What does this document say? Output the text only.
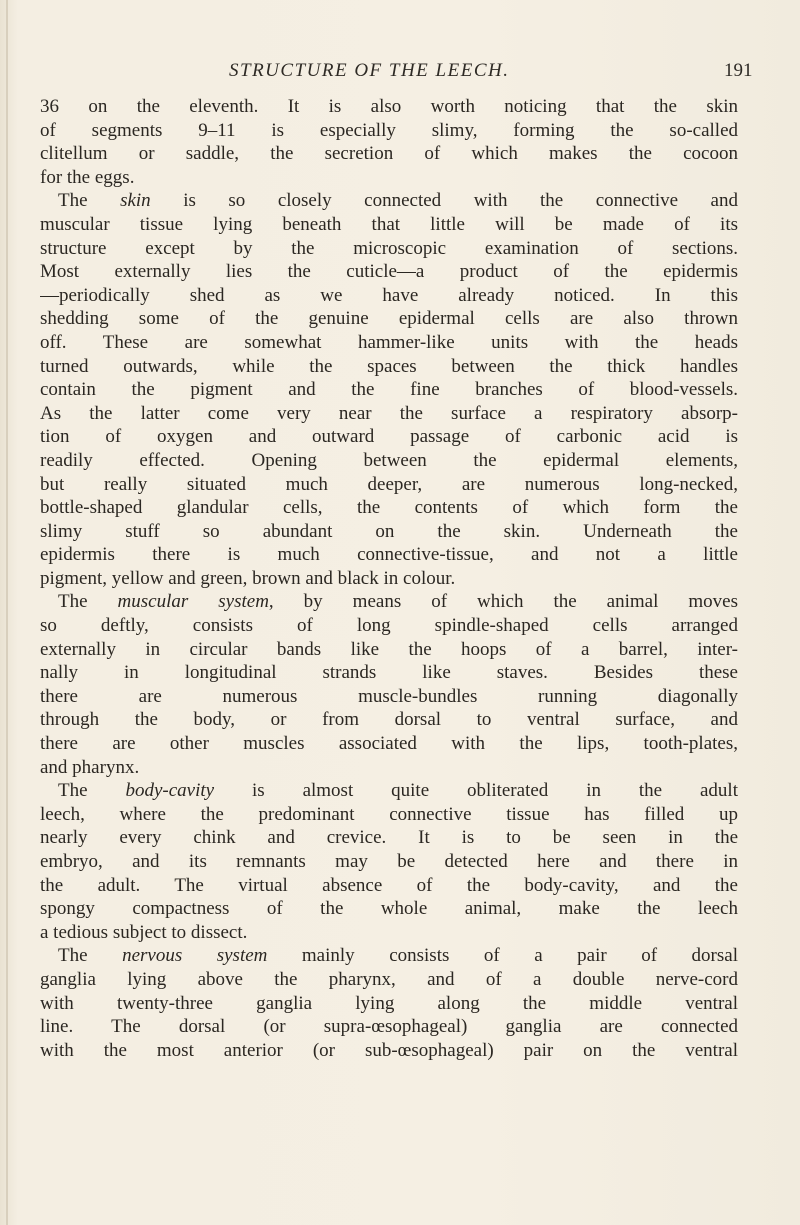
STRUCTURE OF THE LEECH.	191
36 on the eleventh. It is also worth noticing that the skin
of segments 9–11 is especially slimy, forming the so-called
clitellum or saddle, the secretion of which makes the cocoon
for the eggs.
The skin is so closely connected with the connective and
muscular tissue lying beneath that little will be made of its
structure except by the microscopic examination of sections.
Most externally lies the cuticle—a product of the epidermis
—periodically shed as we have already noticed. In this
shedding some of the genuine epidermal cells are also thrown
off. These are somewhat hammer-like units with the heads
turned outwards, while the spaces between the thick handles
contain the pigment and the fine branches of blood-vessels.
As the latter come very near the surface a respiratory absorp-
tion of oxygen and outward passage of carbonic acid is
readily effected. Opening between the epidermal elements,
but really situated much deeper, are numerous long-necked,
bottle-shaped glandular cells, the contents of which form the
slimy stuff so abundant on the skin. Underneath the
epidermis there is much connective-tissue, and not a little
pigment, yellow and green, brown and black in colour.
The muscular system, by means of which the animal moves
so deftly, consists of long spindle-shaped cells arranged
externally in circular bands like the hoops of a barrel, inter-
nally in longitudinal strands like staves. Besides these
there are numerous muscle-bundles running diagonally
through the body, or from dorsal to ventral surface, and
there are other muscles associated with the lips, tooth-plates,
and pharynx.
The body-cavity is almost quite obliterated in the adult
leech, where the predominant connective tissue has filled up
nearly every chink and crevice. It is to be seen in the
embryo, and its remnants may be detected here and there in
the adult. The virtual absence of the body-cavity, and the
spongy compactness of the whole animal, make the leech
a tedious subject to dissect.
The nervous system mainly consists of a pair of dorsal
ganglia lying above the pharynx, and of a double nerve-cord
with twenty-three ganglia lying along the middle ventral
line. The dorsal (or supra-œsophageal) ganglia are connected
with the most anterior (or sub-œsophageal) pair on the ventral
